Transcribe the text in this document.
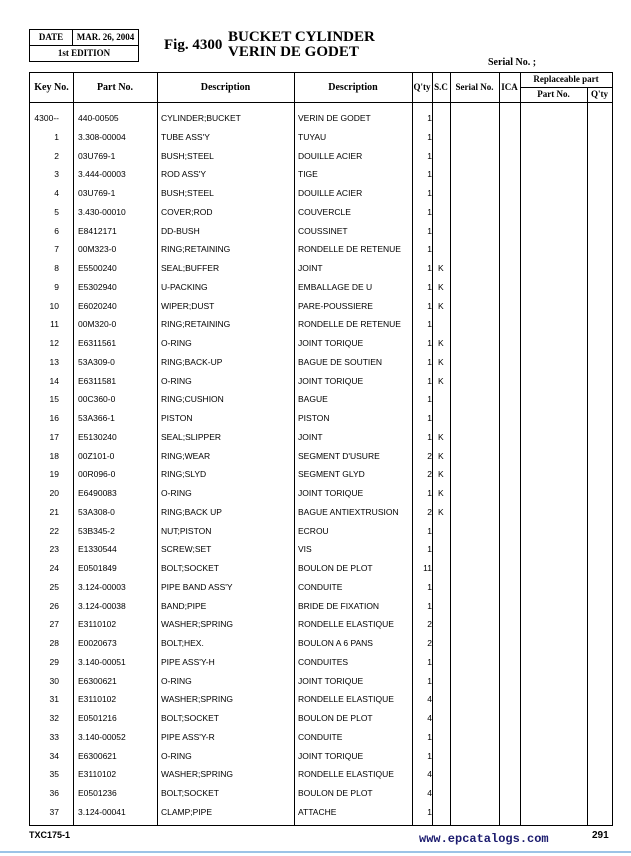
DATE	MAR. 26, 2004
1st EDITION	Fig. 4300 BUCKET CYLINDER
VERIN DE GODET
Serial No. ;
Key No.	Part No.	Description	Description	Q'ty S.C Serial No. ICA
Replaceable part
Part No.	Q'ty
4300-- 440-00505	CYLINDER;BUCKET	VERIN DE GODET	1
1 3.308-00004	TUBE ASS'Y	TUYAU	1
2 03U769-1	BUSH;STEEL	DOUILLE ACIER	1
3 3.444-00003	ROD ASS'Y	TIGE	1
4 03U769-1	BUSH;STEEL	DOUILLE ACIER	1
5 3.430-00010	COVER;ROD	COUVERCLE	1
6 E8412171	DD-BUSH	COUSSINET	1
7 00M323-0	RING;RETAINING	RONDELLE DE RETENUE	1
8 E5500240	SEAL;BUFFER	JOINT	1 K
9 E5302940	U-PACKING	EMBALLAGE DE U	1 K
10 E6020240	WIPER;DUST	PARE-POUSSIERE	1 K
11 00M320-0	RING;RETAINING	RONDELLE DE RETENUE	1
12 E6311561	O-RING	JOINT TORIQUE	1 K
13 53A309-0	RING;BACK-UP	BAGUE DE SOUTIEN	1 K
14 E6311581	O-RING	JOINT TORIQUE	1 K
15 00C360-0	RING;CUSHION	BAGUE	1
16 53A366-1	PISTON	PISTON	1
17 E5130240	SEAL;SLIPPER	JOINT	1 K
18 00Z101-0	RING;WEAR	SEGMENT D'USURE	2 K
19 00R096-0	RING;SLYD	SEGMENT GLYD	2 K
20 E6490083	O-RING	JOINT TORIQUE	1 K
21 53A308-0	RING;BACK UP	BAGUE ANTIEXTRUSION	2 K
22 53B345-2	NUT;PISTON	ECROU	1
23 E1330544	SCREW;SET	VIS	1
24 E0501849	BOLT;SOCKET	BOULON DE PLOT	11
25 3.124-00003	PIPE BAND ASS'Y	CONDUITE	1
26 3.124-00038	BAND;PIPE	BRIDE DE FIXATION	1
27 E3110102	WASHER;SPRING	RONDELLE ELASTIQUE	2
28 E0020673	BOLT;HEX.	BOULON A 6 PANS	2
29 3.140-00051	PIPE ASS'Y-H	CONDUITES	1
30 E6300621	O-RING	JOINT TORIQUE	1
31 E3110102	WASHER;SPRING	RONDELLE ELASTIQUE	4
32 E0501216	BOLT;SOCKET	BOULON DE PLOT	4
33 3.140-00052	PIPE ASS'Y-R	CONDUITE	1
34 E6300621	O-RING	JOINT TORIQUE	1
35 E3110102	WASHER;SPRING	RONDELLE ELASTIQUE	4
36 E0501236	BOLT;SOCKET	BOULON DE PLOT	4
37 3.124-00041	CLAMP;PIPE	ATTACHE	1
TXC175-1	www.epcatalogs.com	291
